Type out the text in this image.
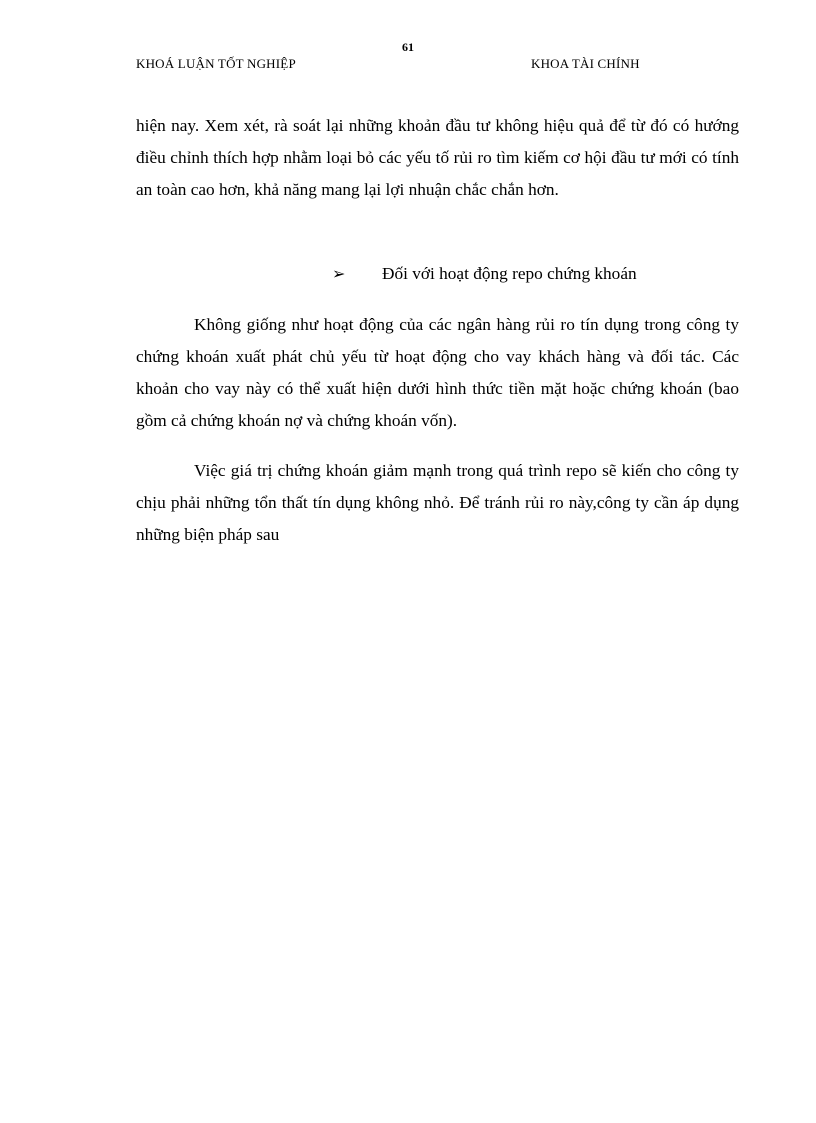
61
KHOÁ LUẬN TỐT NGHIỆP	KHOA TÀI CHÍNH

hiện nay. Xem xét, rà soát lại những khoản đầu tư không hiệu quả để từ đó có hướng điều chỉnh thích hợp nhằm loại bỏ các yếu tố rủi ro tìm kiếm cơ hội đầu tư mới có tính an toàn cao hơn, khả năng mang lại lợi nhuận chắc chắn hơn.

➢ Đối với hoạt động repo chứng khoán

Không giống như hoạt động của các ngân hàng rủi ro tín dụng trong công ty chứng khoán xuất phát chủ yếu từ hoạt động cho vay khách hàng và đối tác. Các khoản cho vay này có thể xuất hiện dưới hình thức tiền mặt hoặc chứng khoán (bao gồm cả chứng khoán nợ và chứng khoán vốn).

Việc giá trị chứng khoán giảm mạnh trong quá trình repo sẽ kiến cho công ty chịu phải những tổn thất tín dụng không nhỏ. Để tránh rủi ro này,công ty cần áp dụng những biện pháp sau
